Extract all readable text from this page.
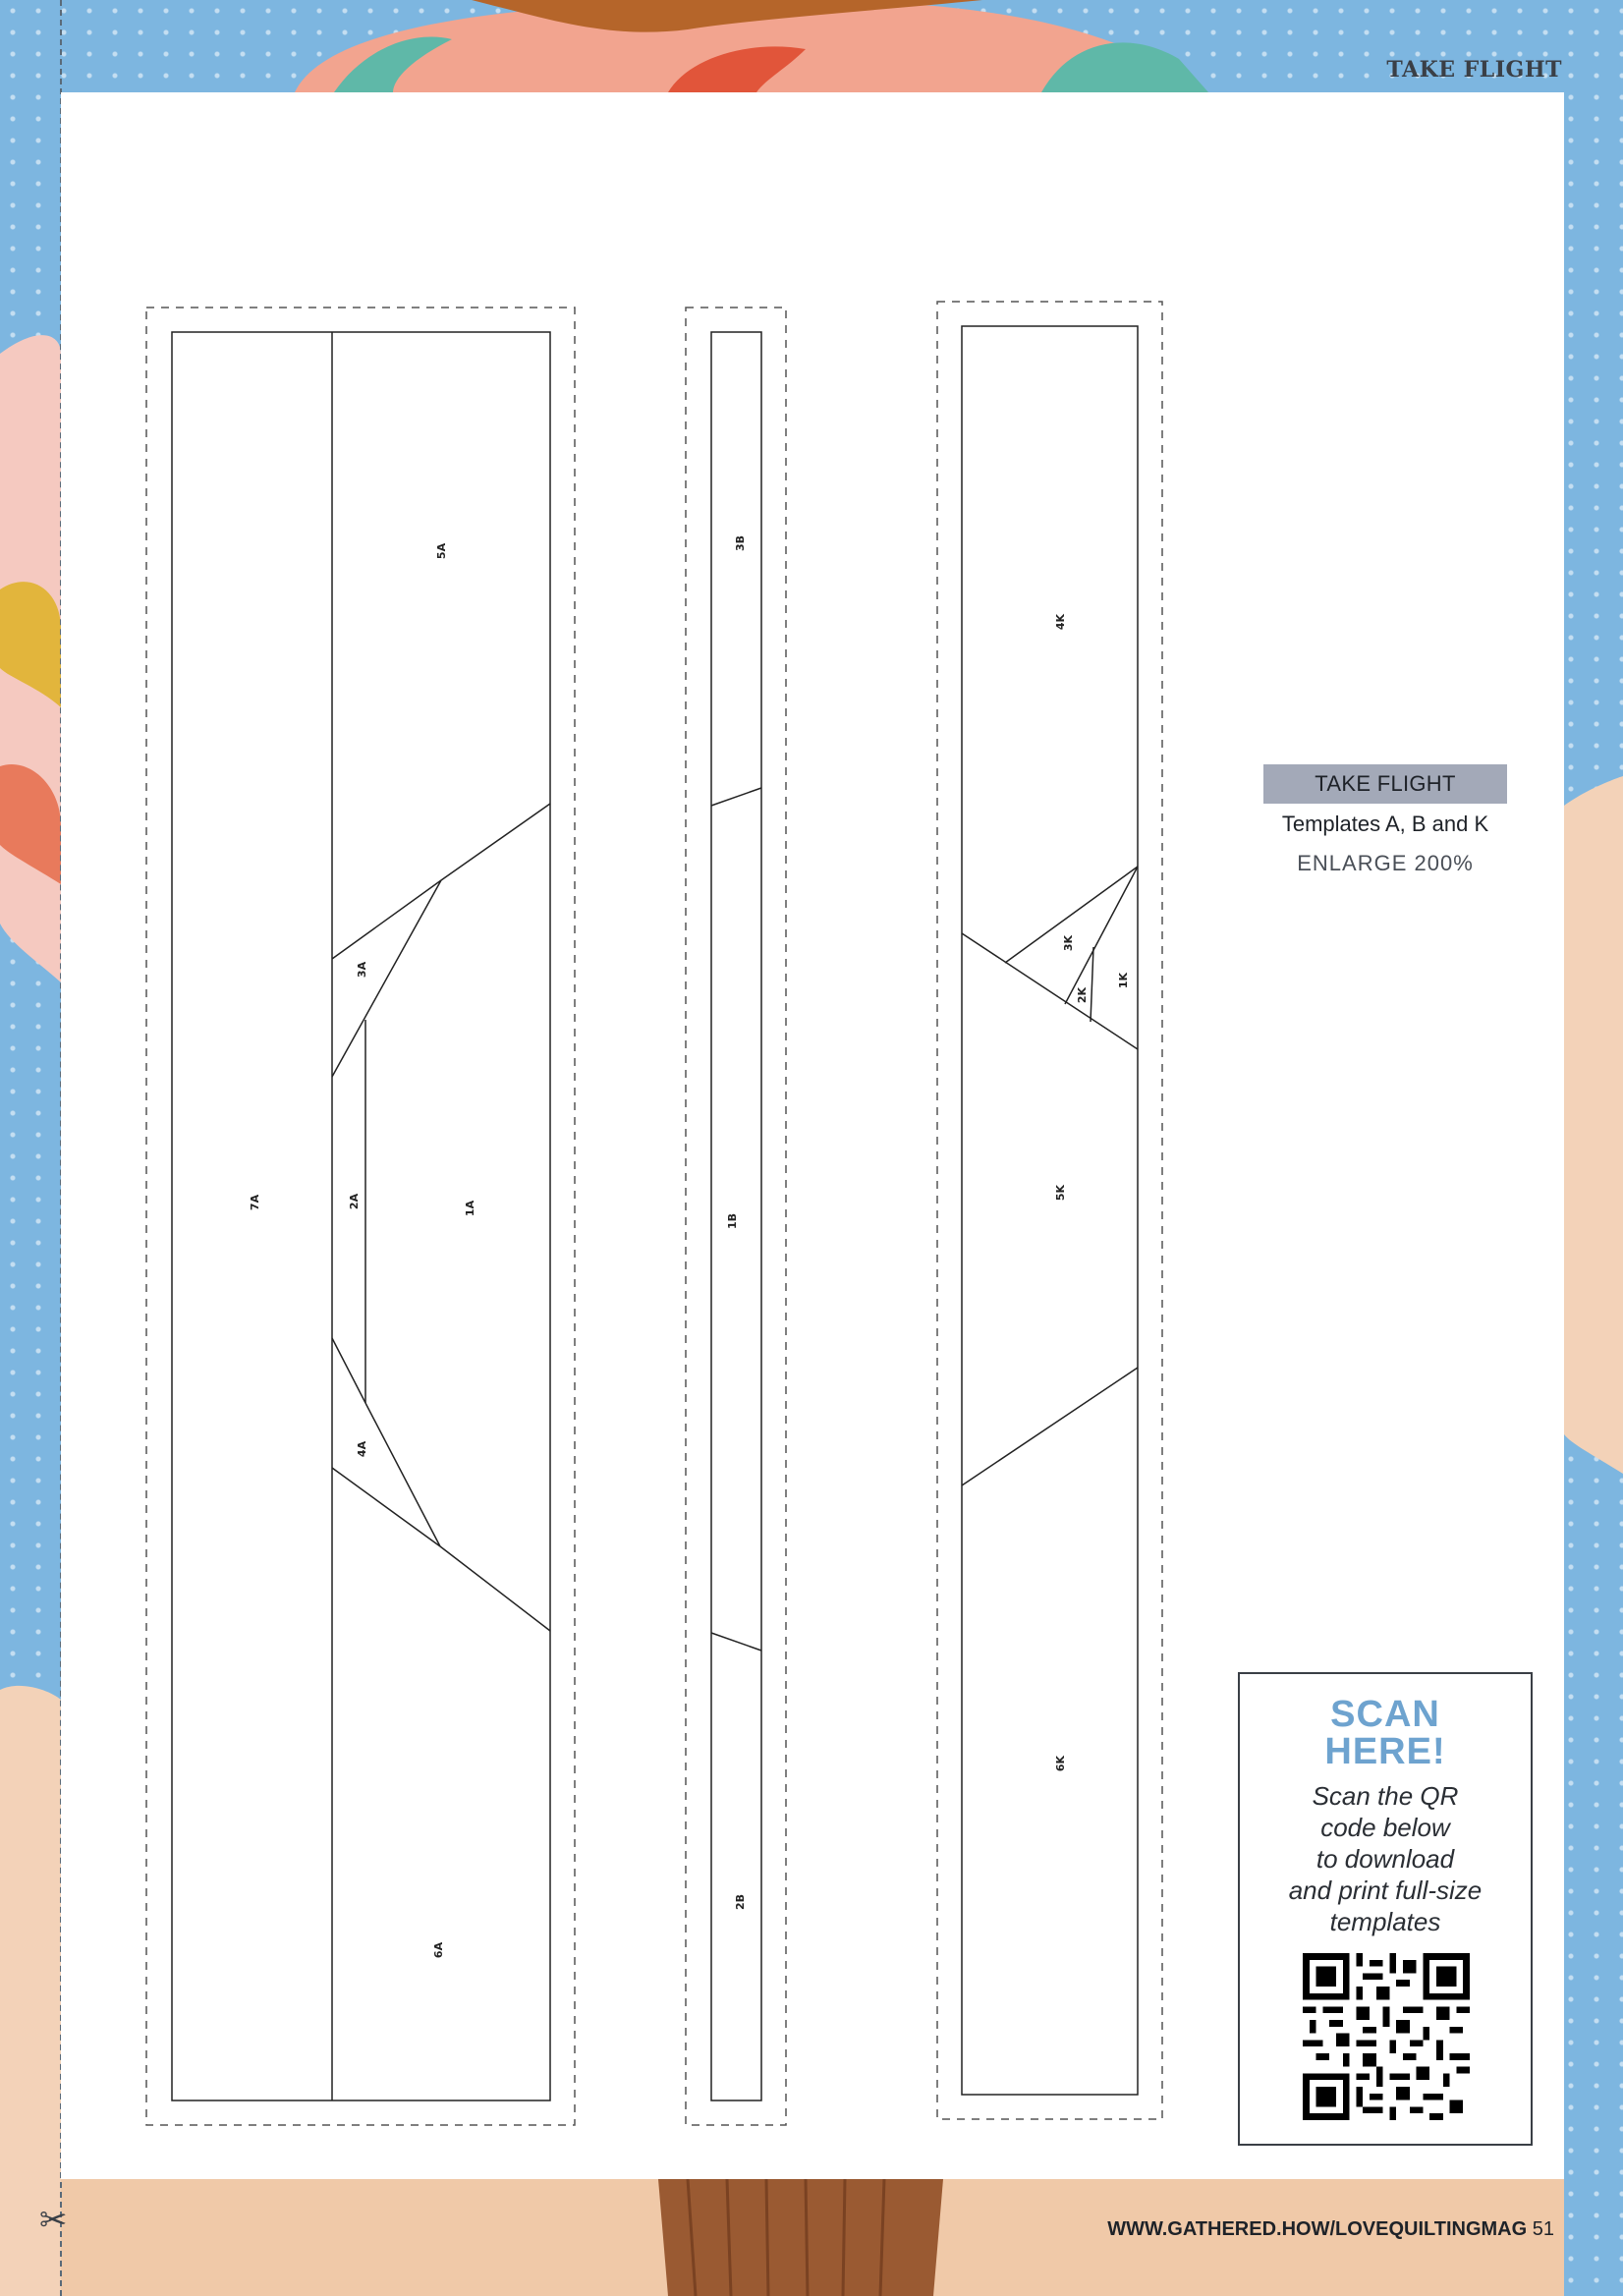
TAKE FLIGHT
5A
3A
2A	1A
7A
4A
6A
3B
1B
2B
4K
3K
2K
1K
5K
6K
TAKE FLIGHT
Templates A, B and K
ENLARGE 200%
SCAN
HERE!
Scan the QR
code below
to download
and print full-size
templates
✂	WWW.GATHERED.HOW/LOVEQUILTINGMAG 51
